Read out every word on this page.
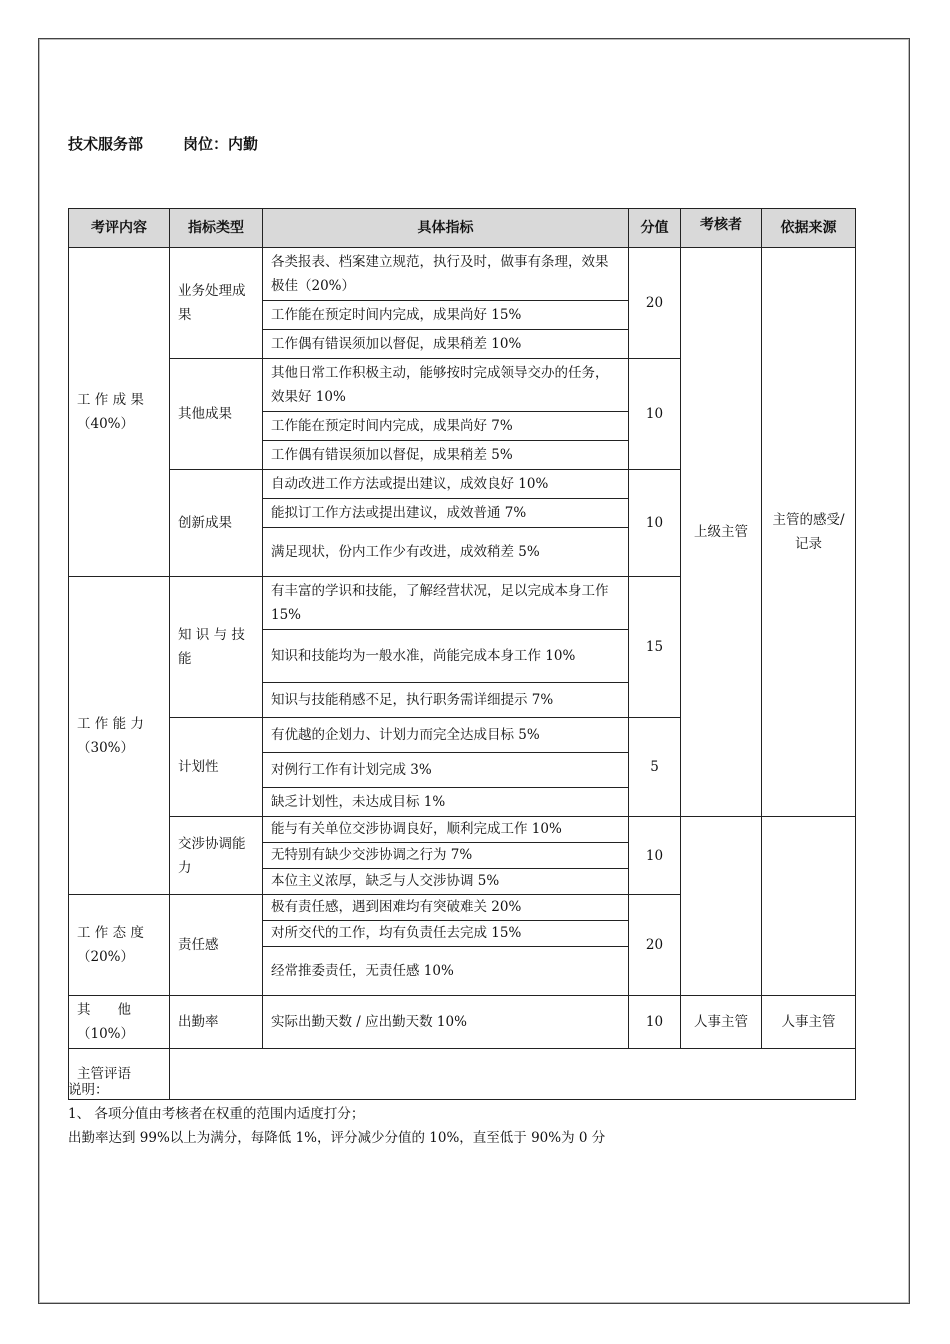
技术服务部	岗位：内勤
考评内容	指标类型	具体指标	分值	考核者	依据来源
工 作 成 果（40%）	业务处理成果	各类报表、档案建立规范，执行及时，做事有条理，效果极佳（20%）	20	上级主管	主管的感受/记录
		工作能在预定时间内完成，成果尚好 15%			
		工作偶有错误须加以督促，成果稍差 10%			
	其他成果	其他日常工作积极主动，能够按时完成领导交办的任务，效果好 10%	10		
		工作能在预定时间内完成，成果尚好 7%			
		工作偶有错误须加以督促，成果稍差 5%			
	创新成果	自动改进工作方法或提出建议，成效良好 10%	10		
		能拟订工作方法或提出建议，成效普通 7%			
		满足现状，份内工作少有改进，成效稍差 5%			
工 作 能 力（30%）	知 识 与 技能	有丰富的学识和技能，了解经营状况，足以完成本身工作 15%	15		
		知识和技能均为一般水准，尚能完成本身工作 10%			
		知识与技能稍感不足，执行职务需详细提示 7%			
	计划性	有优越的企划力、计划力而完全达成目标 5%	5		
		对例行工作有计划完成 3%			
		缺乏计划性，未达成目标 1%			
	交涉协调能力	能与有关单位交涉协调良好，顺利完成工作 10%	10		
		无特别有缺少交涉协调之行为 7%			
		本位主义浓厚，缺乏与人交涉协调 5%			
工 作 态 度（20%）	责任感	极有责任感，遇到困难均有突破难关 20%	20		
		对所交代的工作，均有负责任去完成 15%			
		经常推委责任，无责任感 10%			
其　　他（10%）	出勤率	实际出勤天数 / 应出勤天数 10%	10	人事主管	人事主管
主管评语					
说明：
1、 各项分值由考核者在权重的范围内适度打分；
出勤率达到 99%以上为满分，每降低 1%，评分减少分值的 10%，直至低于 90%为 0 分
